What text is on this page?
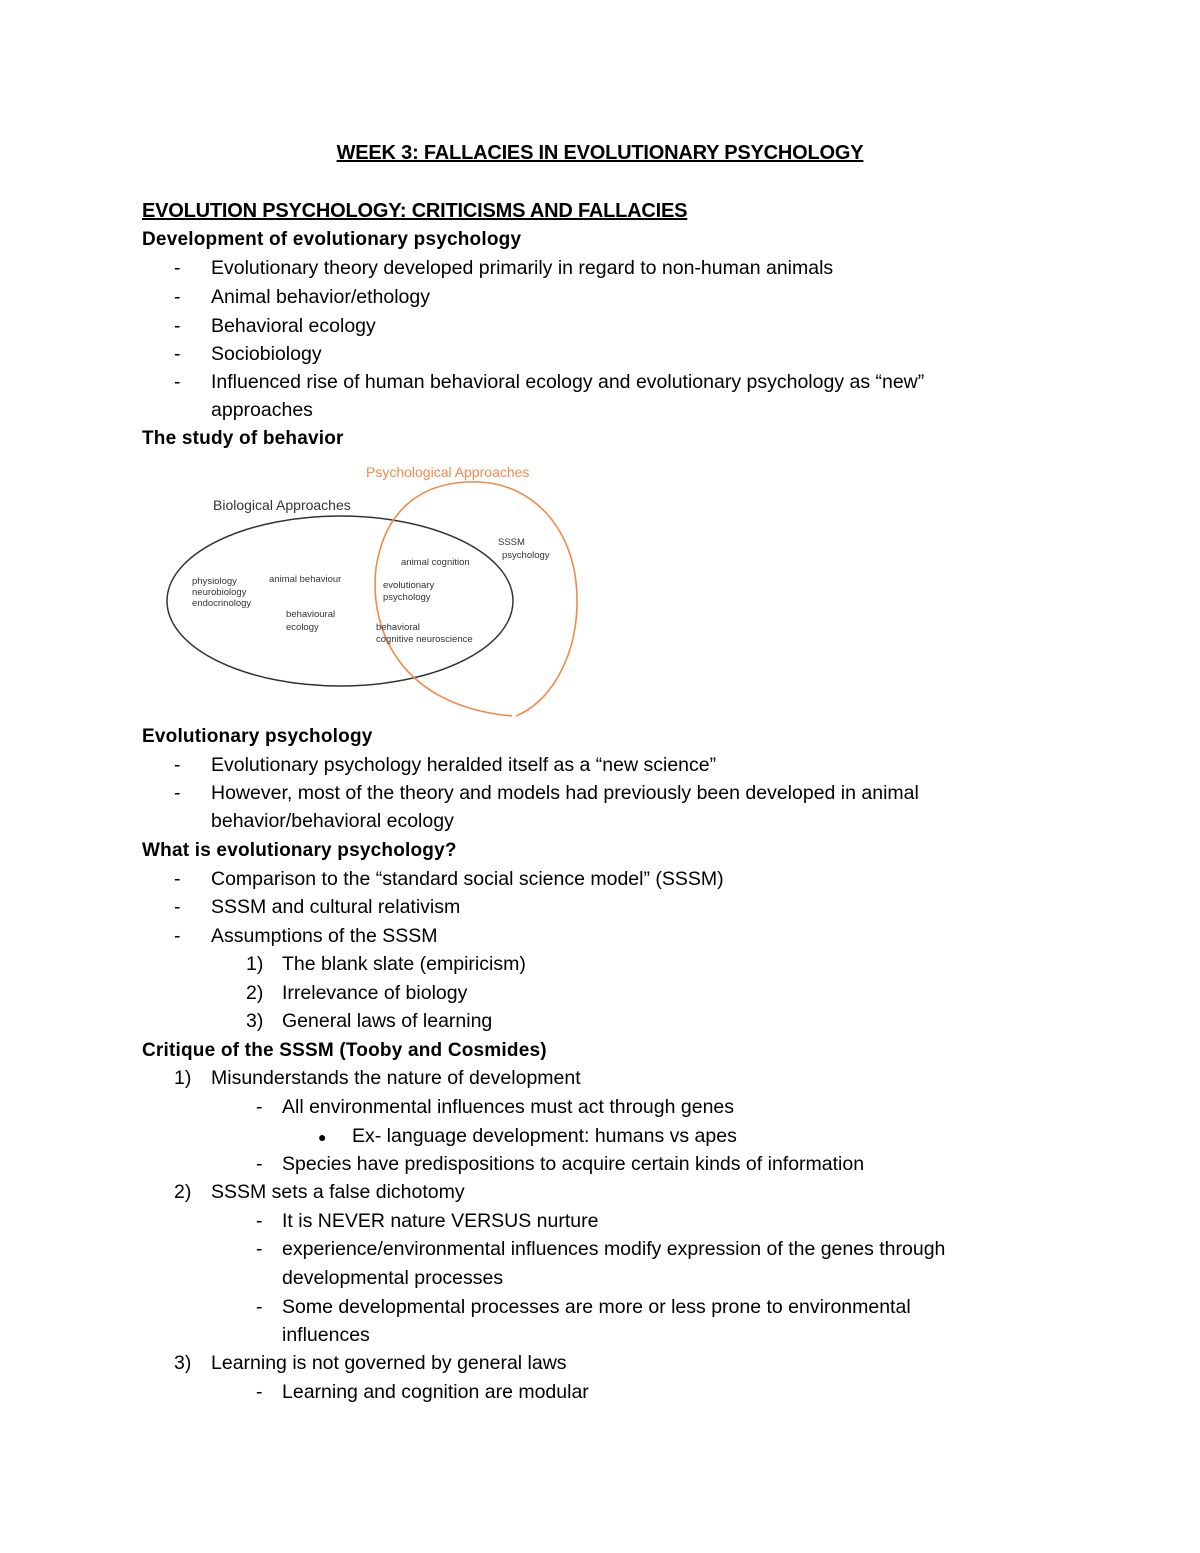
WEEK 3: FALLACIES IN EVOLUTIONARY PSYCHOLOGY
EVOLUTION PSYCHOLOGY: CRITICISMS AND FALLACIES
Development of evolutionary psychology
- Evolutionary theory developed primarily in regard to non-human animals
- Animal behavior/ethology
- Behavioral ecology
- Sociobiology
- Influenced rise of human behavioral ecology and evolutionary psychology as “new”
approaches
The study of behavior
Psychological Approaches
Biological Approaches
SSSM
psychology
animal cognition
physiology
neurobiology
endocrinology
animal behaviour
evolutionary
psychology
behavioural
ecology	behavioral
cognitive neuroscience
Evolutionary psychology
- Evolutionary psychology heralded itself as a “new science”
- However, most of the theory and models had previously been developed in animal
behavior/behavioral ecology
What is evolutionary psychology?
- Comparison to the “standard social science model” (SSSM)
- SSSM and cultural relativism
- Assumptions of the SSSM
1) The blank slate (empiricism)
2) Irrelevance of biology
3) General laws of learning
Critique of the SSSM (Tooby and Cosmides)
1) Misunderstands the nature of development
- All environmental influences must act through genes
● Ex- language development: humans vs apes
- Species have predispositions to acquire certain kinds of information
2) SSSM sets a false dichotomy
- It is NEVER nature VERSUS nurture
- experience/environmental influences modify expression of the genes through
developmental processes
- Some developmental processes are more or less prone to environmental
influences
3) Learning is not governed by general laws
- Learning and cognition are modular
